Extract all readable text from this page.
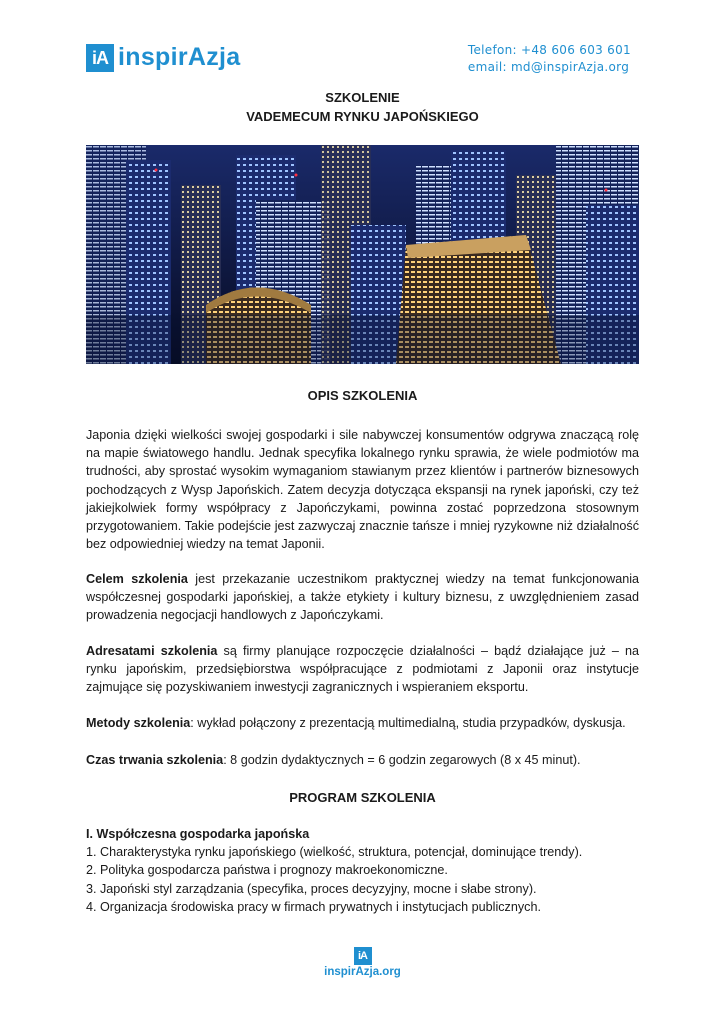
iA inspirAzja	Telefon: +48 606 603 601
email: md@inspirAzja.org
SZKOLENIE
VADEMECUM RYNKU JAPOŃSKIEGO
OPIS SZKOLENIA

Japonia dzięki wielkości swojej gospodarki i sile nabywczej konsumentów odgrywa znaczącą rolę na mapie światowego handlu. Jednak specyfika lokalnego rynku sprawia, że wiele podmiotów ma trudności, aby sprostać wysokim wymaganiom stawianym przez klientów i partnerów biznesowych pochodzących z Wysp Japońskich. Zatem decyzja dotycząca ekspansji na rynek japoński, czy też jakiejkolwiek formy współpracy z Japończykami, powinna zostać poprzedzona stosownym przygotowaniem. Takie podejście jest zazwyczaj znacznie tańsze i mniej ryzykowne niż działalność bez odpowiedniej wiedzy na temat Japonii.

Celem szkolenia jest przekazanie uczestnikom praktycznej wiedzy na temat funkcjonowania współczesnej gospodarki japońskiej, a także etykiety i kultury biznesu, z uwzględnieniem zasad prowadzenia negocjacji handlowych z Japończykami.

Adresatami szkolenia są firmy planujące rozpoczęcie działalności – bądź działające już – na rynku japońskim, przedsiębiorstwa współpracujące z podmiotami z Japonii oraz instytucje zajmujące się pozyskiwaniem inwestycji zagranicznych i wspieraniem eksportu.

Metody szkolenia: wykład połączony z prezentacją multimedialną, studia przypadków, dyskusja.

Czas trwania szkolenia: 8 godzin dydaktycznych = 6 godzin zegarowych (8 x 45 minut).

PROGRAM SZKOLENIA
I. Współczesna gospodarka japońska
1. Charakterystyka rynku japońskiego (wielkość, struktura, potencjał, dominujące trendy).
2. Polityka gospodarcza państwa i prognozy makroekonomiczne.
3. Japoński styl zarządzania (specyfika, proces decyzyjny, mocne i słabe strony).
4. Organizacja środowiska pracy w firmach prywatnych i instytucjach publicznych.
iA
inspirAzja.org
